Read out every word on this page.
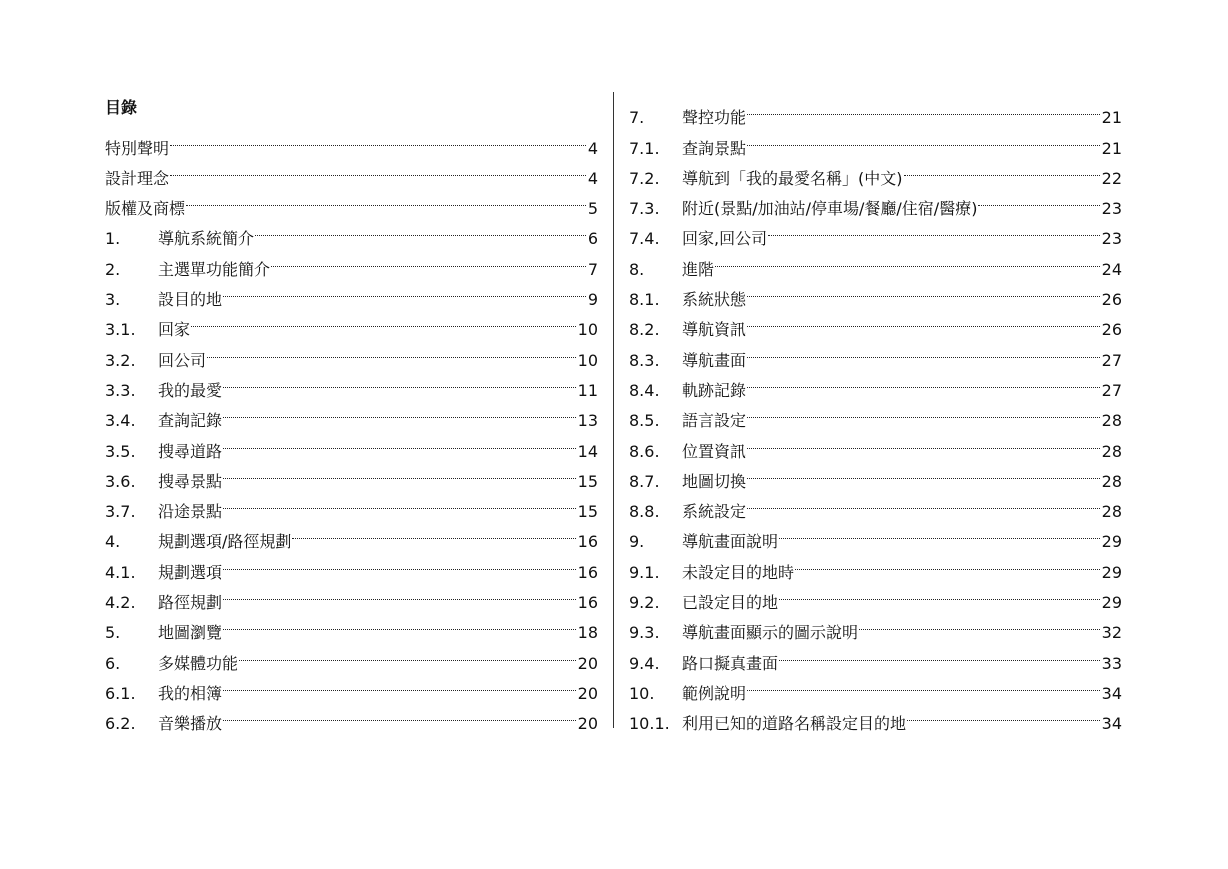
目錄
特別聲明	4
設計理念	4
版權及商標	5
1.	導航系統簡介	6
2.	主選單功能簡介	7
3.	設目的地	9
3.1.	回家	10
3.2.	回公司	10
3.3.	我的最愛	11
3.4.	查詢記錄	13
3.5.	搜尋道路	14
3.6.	搜尋景點	15
3.7.	沿途景點	15
4.	規劃選項/路徑規劃	16
4.1.	規劃選項	16
4.2.	路徑規劃	16
5.	地圖瀏覽	18
6.	多媒體功能	20
6.1.	我的相簿	20
6.2.	音樂播放	20
7.	聲控功能	21
7.1.	查詢景點	21
7.2.	導航到「我的最愛名稱」(中文)	22
7.3.	附近(景點/加油站/停車場/餐廳/住宿/醫療)	23
7.4.	回家,回公司	23
8.	進階	24
8.1.	系統狀態	26
8.2.	導航資訊	26
8.3.	導航畫面	27
8.4.	軌跡記錄	27
8.5.	語言設定	28
8.6.	位置資訊	28
8.7.	地圖切換	28
8.8.	系統設定	28
9.	導航畫面說明	29
9.1.	未設定目的地時	29
9.2.	已設定目的地	29
9.3.	導航畫面顯示的圖示說明	32
9.4.	路口擬真畫面	33
10.	範例說明	34
10.1. 利用已知的道路名稱設定目的地	34
